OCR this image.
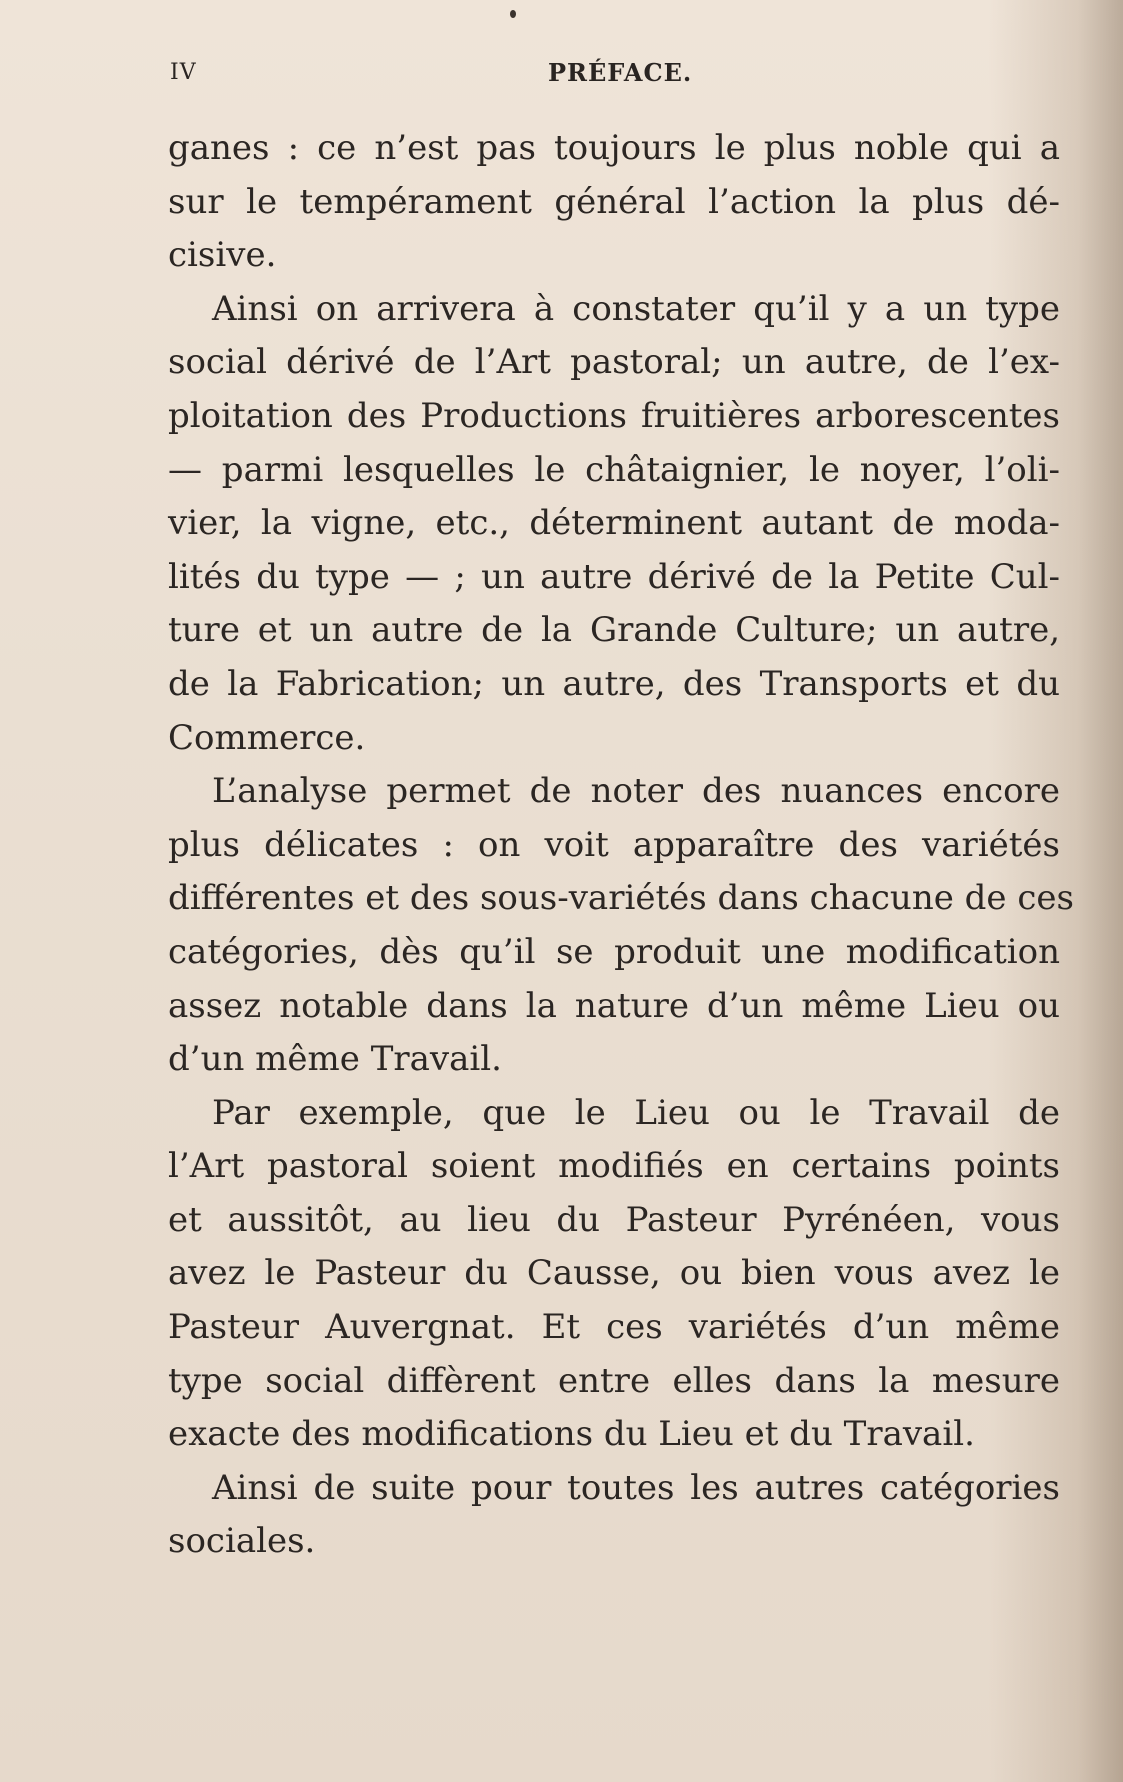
IV	PRÉFACE.
ganes : ce n’est pas toujours le plus noble qui a
sur le tempérament général l’action la plus dé-
cisive.
Ainsi on arrivera à constater qu’il y a un type
social dérivé de l’Art pastoral; un autre, de l’ex-
ploitation des Productions fruitières arborescentes
— parmi lesquelles le châtaignier, le noyer, l’oli-
vier, la vigne, etc., déterminent autant de moda-
lités du type — ; un autre dérivé de la Petite Cul-
ture et un autre de la Grande Culture; un autre,
de la Fabrication; un autre, des Transports et du
Commerce.
L’analyse permet de noter des nuances encore
plus délicates : on voit apparaître des variétés
différentes et des sous-variétés dans chacune de ces
catégories, dès qu’il se produit une modification
assez notable dans la nature d’un même Lieu ou
d’un même Travail.
Par exemple, que le Lieu ou le Travail de
l’Art pastoral soient modifiés en certains points
et aussitôt, au lieu du Pasteur Pyrénéen, vous
avez le Pasteur du Causse, ou bien vous avez le
Pasteur Auvergnat. Et ces variétés d’un même
type social diffèrent entre elles dans la mesure
exacte des modifications du Lieu et du Travail.
Ainsi de suite pour toutes les autres catégories
sociales.
